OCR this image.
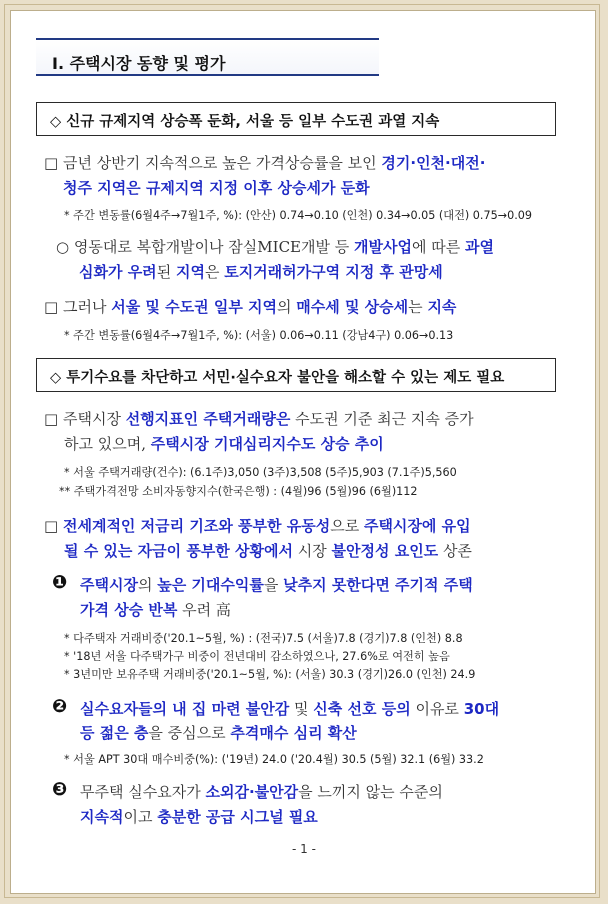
Ⅰ. 주택시장 동향 및 평가
◇ 신규 규제지역 상승폭 둔화, 서울 등 일부 수도권 과열 지속
□ 금년 상반기 지속적으로 높은 가격상승률을 보인 경기·인천·대전·
청주 지역은 규제지역 지정 이후 상승세가 둔화
* 주간 변동률(6월4주→7월1주, %): (안산) 0.74→0.10 (인천) 0.34→0.05 (대전) 0.75→0.09
○ 영동대로 복합개발이나 잠실MICE개발 등 개발사업에 따른 과열
심화가 우려된 지역은 토지거래허가구역 지정 후 관망세
□ 그러나 서울 및 수도권 일부 지역의 매수세 및 상승세는 지속
* 주간 변동률(6월4주→7월1주, %): (서울) 0.06→0.11 (강남4구) 0.06→0.13
◇ 투기수요를 차단하고 서민·실수요자 불안을 해소할 수 있는 제도 필요
□ 주택시장 선행지표인 주택거래량은 수도권 기준 최근 지속 증가
하고 있으며, 주택시장 기대심리지수도 상승 추이
* 서울 주택거래량(건수): (6.1주)3,050 (3주)3,508 (5주)5,903 (7.1주)5,560
** 주택가격전망 소비자동향지수(한국은행) : (4월)96 (5월)96 (6월)112
□ 전세계적인 저금리 기조와 풍부한 유동성으로 주택시장에 유입
될 수 있는 자금이 풍부한 상황에서 시장 불안정성 요인도 상존
❶ 주택시장의 높은 기대수익률을 낮추지 못한다면 주기적 주택
가격 상승 반복 우려 高
* 다주택자 거래비중('20.1~5월, %) : (전국)7.5 (서울)7.8 (경기)7.8 (인천) 8.8
* '18년 서울 다주택가구 비중이 전년대비 감소하였으나, 27.6%로 여전히 높음
* 3년미만 보유주택 거래비중('20.1~5월, %): (서울) 30.3 (경기)26.0 (인천) 24.9
❷ 실수요자들의 내 집 마련 불안감 및 신축 선호 등의 이유로 30대
등 젊은 층을 중심으로 추격매수 심리 확산
* 서울 APT 30대 매수비중(%): ('19년) 24.0 ('20.4월) 30.5 (5월) 32.1 (6월) 33.2
❸ 무주택 실수요자가 소외감·불안감을 느끼지 않는 수준의
지속적이고 충분한 공급 시그널 필요
- 1 -
